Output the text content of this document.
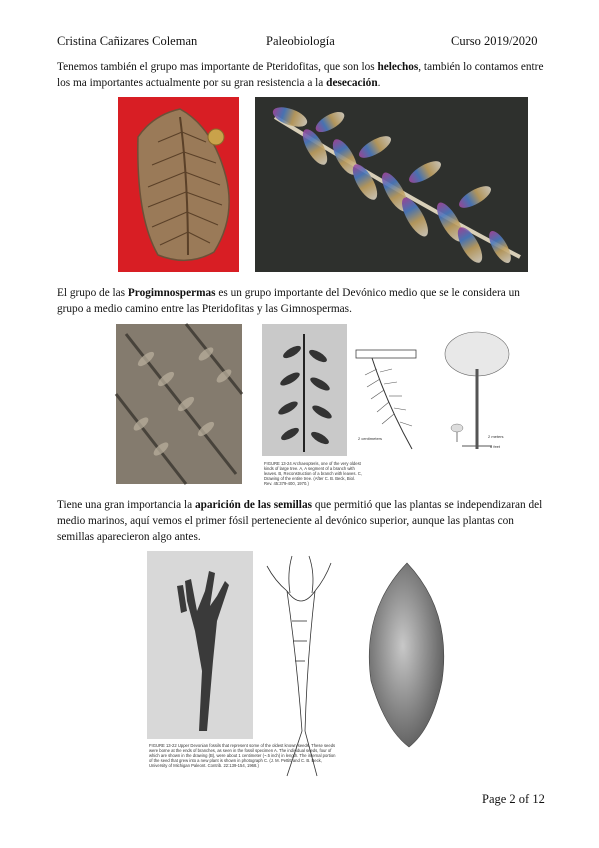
Cristina Cañizares Coleman	Paleobiología	Curso 2019/2020
Tenemos también el grupo mas importante de Pteridofitas, que son los helechos, también lo contamos entre los ma importantes actualmente por su gran resistencia a la desecación.
El grupo de las Progimnospermas es un grupo importante del Devónico medio que se le considera un grupo a medio camino entre las Pteridofitas y las Gimnospermas.
2 centimeters	2 meters
6 feet
FIGURE 13-24 Archaeopteris, one of the very oldest kinds of large tree. A, A segment of a branch with leaves. B, Reconstruction of a branch with leaves. C, Drawing of the entire tree. (After C. B. Beck, Biol. Rev. 45:379-400, 1970.)
Tiene una gran importancia la aparición de las semillas que permitió que las plantas se independizaran del medio marinos, aquí vemos el primer fósil perteneciente al devónico superior, aunque las plantas con semillas aparecieron algo antes.
FIGURE 13-22 Upper Devonian fossils that represent some of the oldest known seeds. These seeds were borne at the ends of branches, as seen in the fossil specimen A. The individual seeds, four of which are shown in the drawing (B), were about 1 centimeter (~.5 inch) in length. The internal portion of the seed that grew into a new plant is shown in photograph C. (J. M. Pettitt and C. B. Beck, University of Michigan Paleont. Contrib. 22:139-154, 1968.)
Page 2 of 12
